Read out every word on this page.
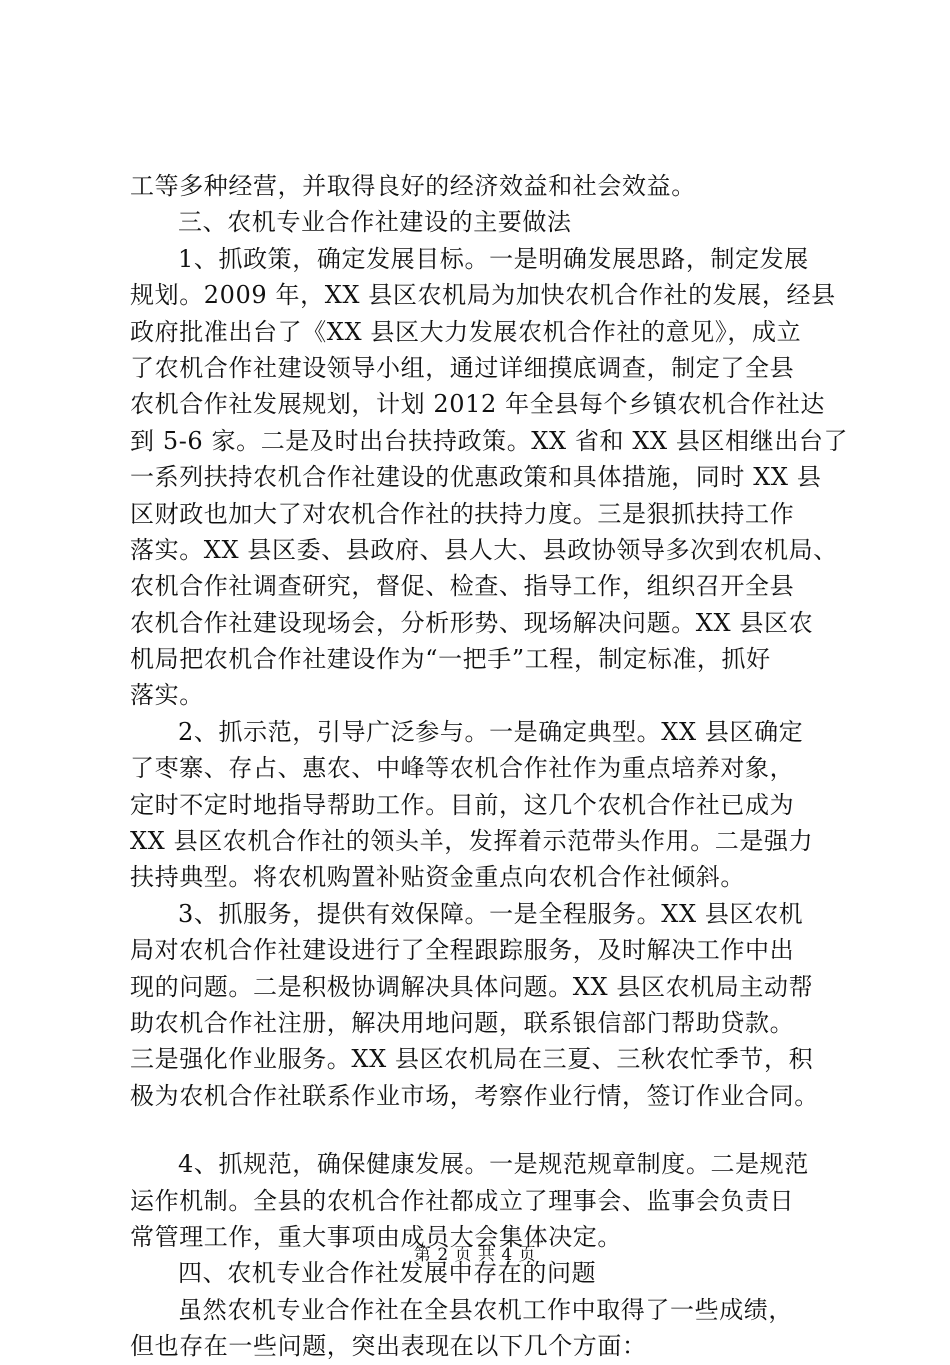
工等多种经营，并取得良好的经济效益和社会效益。
三、农机专业合作社建设的主要做法
1、抓政策，确定发展目标。一是明确发展思路，制定发展
规划。2009 年，XX 县区农机局为加快农机合作社的发展，经县
政府批准出台了《XX 县区大力发展农机合作社的意见》，成立
了农机合作社建设领导小组，通过详细摸底调查，制定了全县
农机合作社发展规划，计划 2012 年全县每个乡镇农机合作社达
到 5-6 家。二是及时出台扶持政策。XX 省和 XX 县区相继出台了
一系列扶持农机合作社建设的优惠政策和具体措施，同时 XX 县
区财政也加大了对农机合作社的扶持力度。三是狠抓扶持工作
落实。XX 县区委、县政府、县人大、县政协领导多次到农机局、
农机合作社调查研究，督促、检查、指导工作，组织召开全县
农机合作社建设现场会，分析形势、现场解决问题。XX 县区农
机局把农机合作社建设作为“一把手”工程，制定标准，抓好
落实。
2、抓示范，引导广泛参与。一是确定典型。XX 县区确定
了枣寨、存占、惠农、中峰等农机合作社作为重点培养对象，
定时不定时地指导帮助工作。目前，这几个农机合作社已成为
XX 县区农机合作社的领头羊，发挥着示范带头作用。二是强力
扶持典型。将农机购置补贴资金重点向农机合作社倾斜。
3、抓服务，提供有效保障。一是全程服务。XX 县区农机
局对农机合作社建设进行了全程跟踪服务，及时解决工作中出
现的问题。二是积极协调解决具体问题。XX 县区农机局主动帮
助农机合作社注册，解决用地问题，联系银信部门帮助贷款。
三是强化作业服务。XX 县区农机局在三夏、三秋农忙季节，积
极为农机合作社联系作业市场，考察作业行情，签订作业合同。
4、抓规范，确保健康发展。一是规范规章制度。二是规范
运作机制。全县的农机合作社都成立了理事会、监事会负责日
常管理工作，重大事项由成员大会集体决定。
四、农机专业合作社发展中存在的问题
虽然农机专业合作社在全县农机工作中取得了一些成绩，
但也存在一些问题，突出表现在以下几个方面：
第 2 页 共 4 页
